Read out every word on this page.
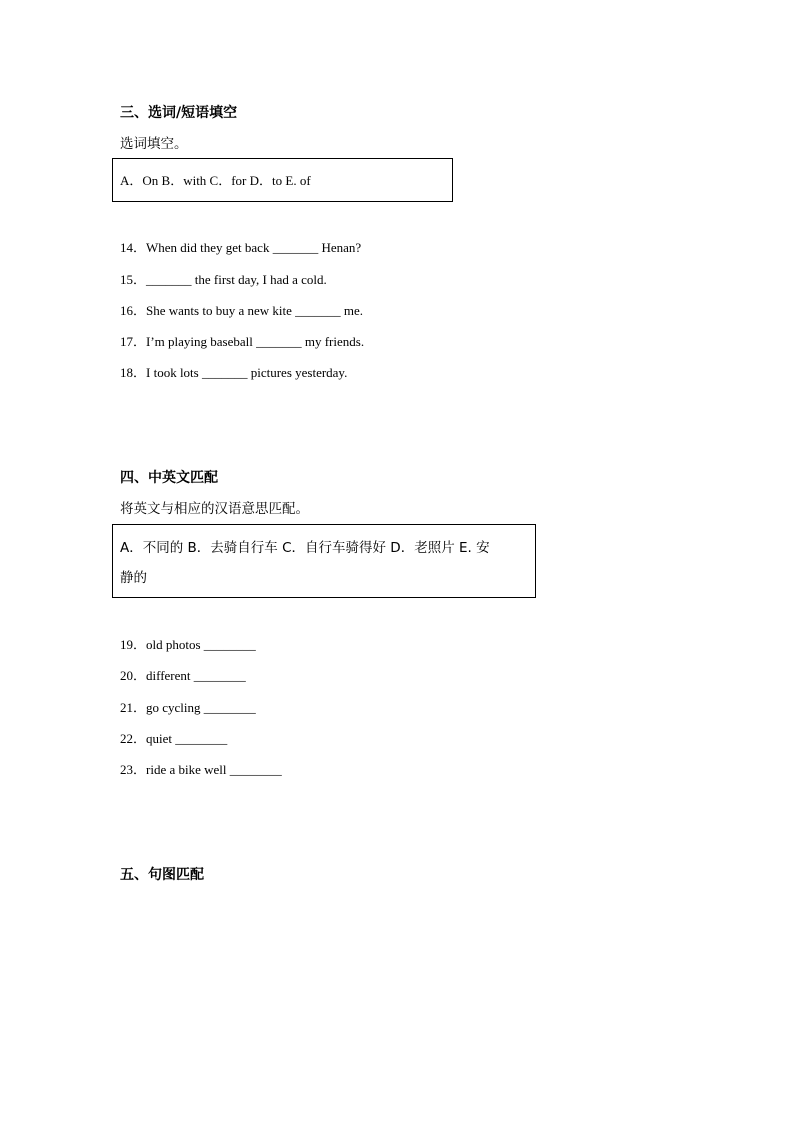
三、选词/短语填空
选词填空。
A．On B．with C．for D．to E. of
14．When did they get back _______ Henan?
15．_______ the first day, I had a cold.
16．She wants to buy a new kite _______ me.
17．I’m playing baseball _______ my friends.
18．I took lots _______ pictures yesterday.
四、中英文匹配
将英文与相应的汉语意思匹配。
A．不同的 B．去骑自行车 C．自行车骑得好 D．老照片 E. 安
静的
19．old photos ________
20．different ________
21．go cycling ________
22．quiet ________
23．ride a bike well ________
五、句图匹配
